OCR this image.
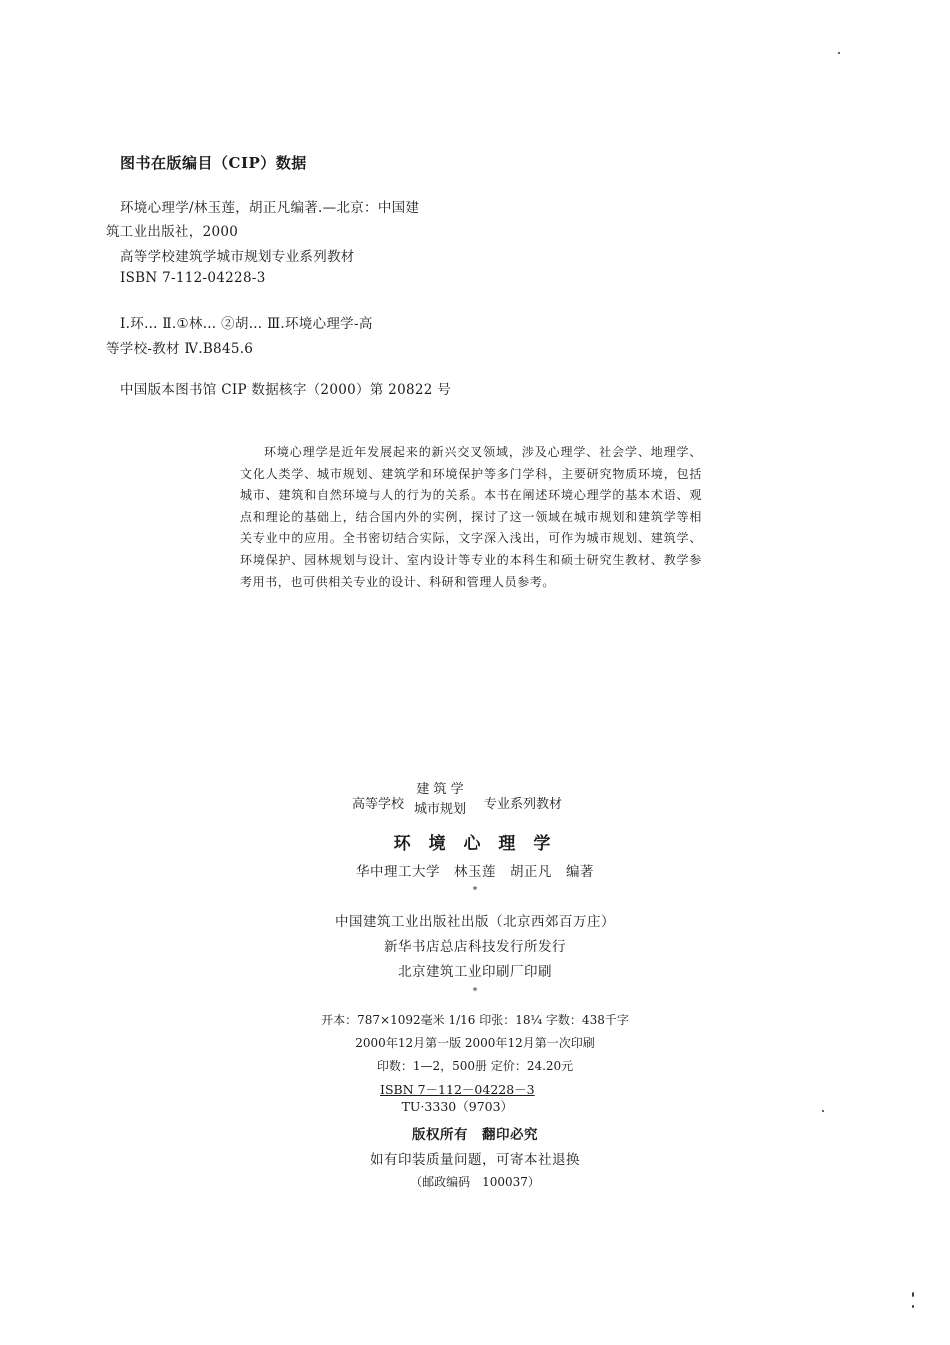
图书在版编目（CIP）数据
环境心理学/林玉莲，胡正凡编著.—北京：中国建
筑工业出版社，2000
高等学校建筑学城市规划专业系列教材
ISBN 7-112-04228-3
Ⅰ.环… Ⅱ.①林… ②胡… Ⅲ.环境心理学-高
等学校-教材 Ⅳ.B845.6
中国版本图书馆 CIP 数据核字（2000）第 20822 号
环境心理学是近年发展起来的新兴交叉领域，涉及心理学、社会学、地理学、文化人类学、城市规划、建筑学和环境保护等多门学科，主要研究物质环境，包括城市、建筑和自然环境与人的行为的关系。本书在阐述环境心理学的基本术语、观点和理论的基础上，结合国内外的实例，探讨了这一领域在城市规划和建筑学等相关专业中的应用。全书密切结合实际，文字深入浅出，可作为城市规划、建筑学、环境保护、园林规划与设计、室内设计等专业的本科生和硕士研究生教材、教学参考用书，也可供相关专业的设计、科研和管理人员参考。
高等学校
建 筑 学
城市规划 专业系列教材
环 境 心 理 学
华中理工大学　林玉莲　胡正凡　编著
*
中国建筑工业出版社出版（北京西郊百万庄）
新华书店总店科技发行所发行
北京建筑工业印刷厂印刷
*
开本：787×1092毫米 1/16 印张：18¼ 字数：438千字
2000年12月第一版 2000年12月第一次印刷
印数：1—2，500册 定价：24.20元
ISBN 7－112－04228－3
TU·3330（9703）
版权所有　翻印必究
如有印装质量问题，可寄本社退换
（邮政编码　100037）
